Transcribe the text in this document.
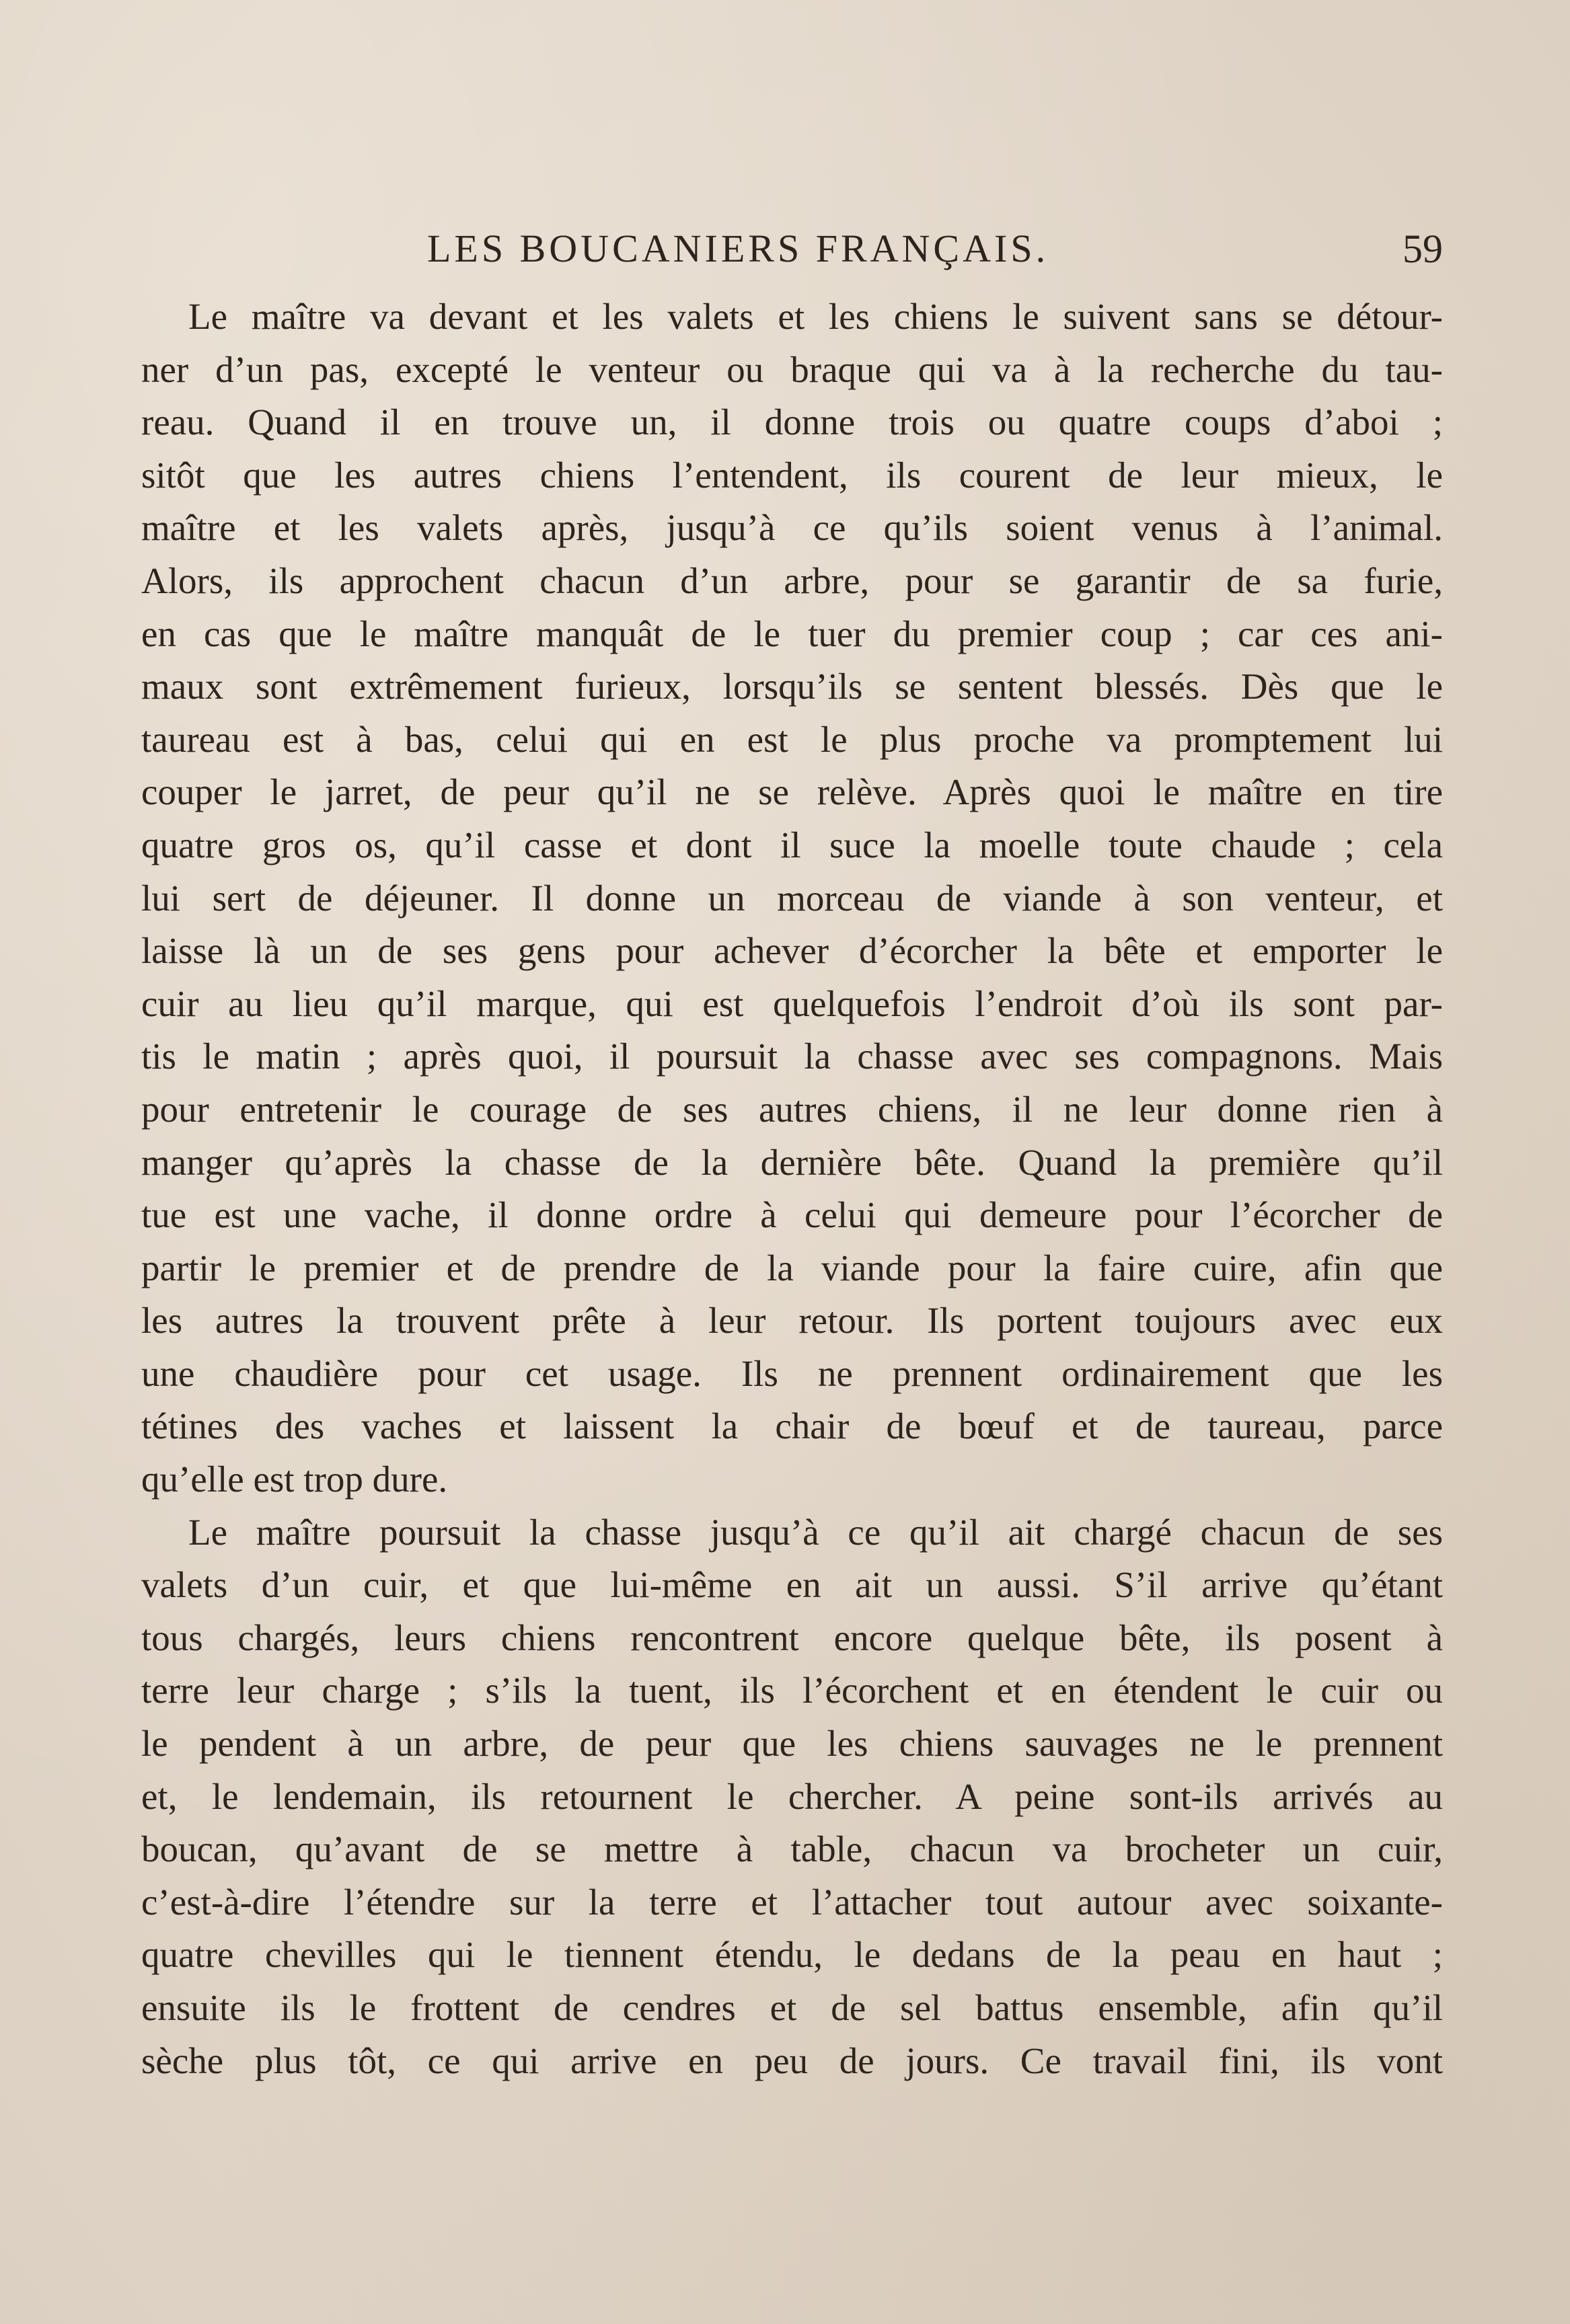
LES BOUCANIERS FRANÇAIS.	59
Le maître va devant et les valets et les chiens le suivent sans se détour-
ner d’un pas, excepté le venteur ou braque qui va à la recherche du tau-
reau. Quand il en trouve un, il donne trois ou quatre coups d’aboi ;
sitôt que les autres chiens l’entendent, ils courent de leur mieux, le
maître et les valets après, jusqu’à ce qu’ils soient venus à l’animal.
Alors, ils approchent chacun d’un arbre, pour se garantir de sa furie,
en cas que le maître manquât de le tuer du premier coup ; car ces ani-
maux sont extrêmement furieux, lorsqu’ils se sentent blessés. Dès que le
taureau est à bas, celui qui en est le plus proche va promptement lui
couper le jarret, de peur qu’il ne se relève. Après quoi le maître en tire
quatre gros os, qu’il casse et dont il suce la moelle toute chaude ; cela
lui sert de déjeuner. Il donne un morceau de viande à son venteur, et
laisse là un de ses gens pour achever d’écorcher la bête et emporter le
cuir au lieu qu’il marque, qui est quelquefois l’endroit d’où ils sont par-
tis le matin ; après quoi, il poursuit la chasse avec ses compagnons. Mais
pour entretenir le courage de ses autres chiens, il ne leur donne rien à
manger qu’après la chasse de la dernière bête. Quand la première qu’il
tue est une vache, il donne ordre à celui qui demeure pour l’écorcher de
partir le premier et de prendre de la viande pour la faire cuire, afin que
les autres la trouvent prête à leur retour. Ils portent toujours avec eux
une chaudière pour cet usage. Ils ne prennent ordinairement que les
tétines des vaches et laissent la chair de bœuf et de taureau, parce
qu’elle est trop dure.
Le maître poursuit la chasse jusqu’à ce qu’il ait chargé chacun de ses
valets d’un cuir, et que lui-même en ait un aussi. S’il arrive qu’étant
tous chargés, leurs chiens rencontrent encore quelque bête, ils posent à
terre leur charge ; s’ils la tuent, ils l’écorchent et en étendent le cuir ou
le pendent à un arbre, de peur que les chiens sauvages ne le prennent
et, le lendemain, ils retournent le chercher. A peine sont-ils arrivés au
boucan, qu’avant de se mettre à table, chacun va brocheter un cuir,
c’est-à-dire l’étendre sur la terre et l’attacher tout autour avec soixante-
quatre chevilles qui le tiennent étendu, le dedans de la peau en haut ;
ensuite ils le frottent de cendres et de sel battus ensemble, afin qu’il
sèche plus tôt, ce qui arrive en peu de jours. Ce travail fini, ils vont
